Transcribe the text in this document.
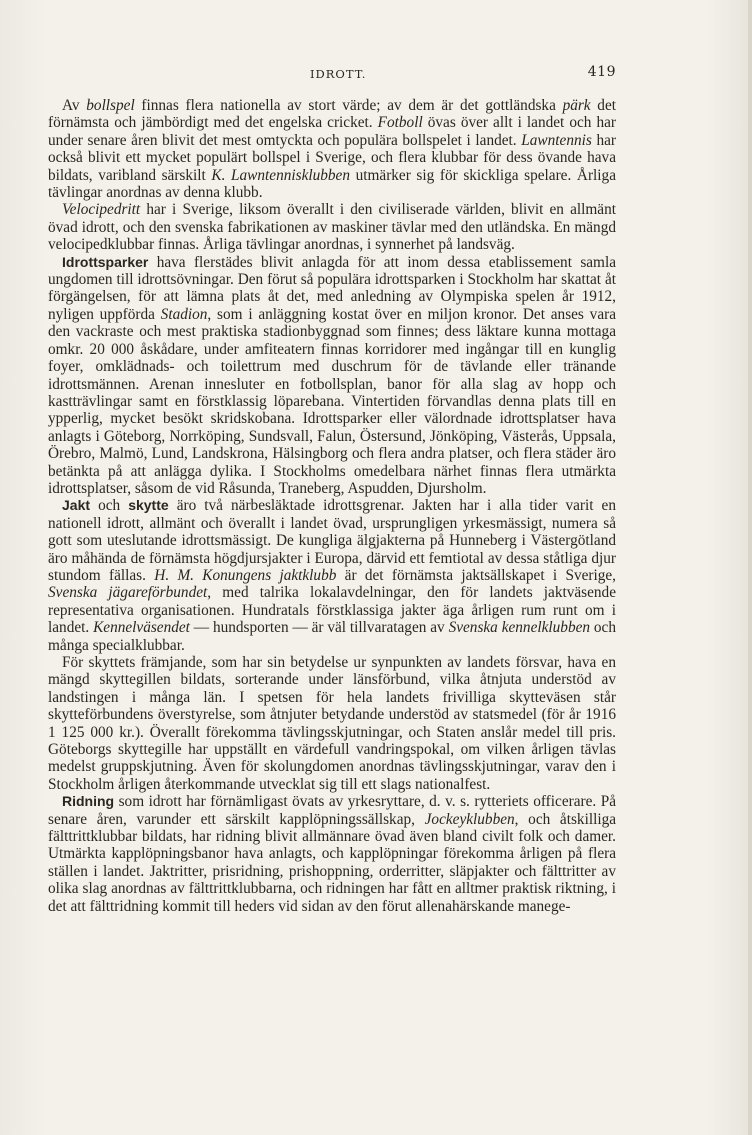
IDROTT.	419

Av bollspel finnas flera nationella av stort värde; av dem är det gottländska pärk det förnämsta och jämbördigt med det engelska cricket. Fotboll övas över allt i landet och har under senare åren blivit det mest omtyckta och populära bollspelet i landet. Lawntennis har också blivit ett mycket populärt bollspel i Sverige, och flera klubbar för dess övande hava bildats, varibland särskilt K. Lawntennisklubben utmärker sig för skickliga spelare. Årliga tävlingar anordnas av denna klubb.

Velocipedritt har i Sverige, liksom överallt i den civiliserade världen, blivit en allmänt övad idrott, och den svenska fabrikationen av maskiner tävlar med den utländska. En mängd velocipedklubbar finnas. Årliga tävlingar anordnas, i synnerhet på landsväg.

Idrottsparker hava flerstädes blivit anlagda för att inom dessa etablissement samla ungdomen till idrottsövningar. Den förut så populära idrottsparken i Stockholm har skattat åt förgängelsen, för att lämna plats åt det, med anledning av Olympiska spelen år 1912, nyligen uppförda Stadion, som i anläggning kostat över en miljon kronor. Det anses vara den vackraste och mest praktiska stadionbyggnad som finnes; dess läktare kunna mottaga omkr. 20 000 åskådare, under amfiteatern finnas korridorer med ingångar till en kunglig foyer, omklädnads- och toilettrum med duschrum för de tävlande eller tränande idrottsmännen. Arenan innesluter en fotbollsplan, banor för alla slag av hopp och kastträvlingar samt en förstklassig löparebana. Vintertiden förvandlas denna plats till en ypperlig, mycket besökt skridskobana. Idrottsparker eller välordnade idrottsplatser hava anlagts i Göteborg, Norrköping, Sundsvall, Falun, Östersund, Jönköping, Västerås, Uppsala, Örebro, Malmö, Lund, Landskrona, Hälsingborg och flera andra platser, och flera städer äro betänkta på att anlägga dylika. I Stockholms omedelbara närhet finnas flera utmärkta idrottsplatser, såsom de vid Råsunda, Traneberg, Aspudden, Djursholm.

Jakt och skytte äro två närbesläktade idrottsgrenar. Jakten har i alla tider varit en nationell idrott, allmänt och överallt i landet övad, ursprungligen yrkesmässigt, numera så gott som uteslutande idrottsmässigt. De kungliga älgjakterna på Hunneberg i Västergötland äro måhända de förnämsta högdjursjakter i Europa, därvid ett femtiotal av dessa ståtliga djur stundom fällas. H. M. Konungens jaktklubb är det förnämsta jaktsällskapet i Sverige, Svenska jägareförbundet, med talrika lokalavdelningar, den för landets jaktväsende representativa organisationen. Hundratals förstklassiga jakter äga årligen rum runt om i landet. Kennelväsendet — hundsporten — är väl tillvaratagen av Svenska kennelklubben och många specialklubbar.

För skyttets främjande, som har sin betydelse ur synpunkten av landets försvar, hava en mängd skyttegillen bildats, sorterande under länsförbund, vilka åtnjuta understöd av landstingen i många län. I spetsen för hela landets frivilliga skytteväsen står skytteförbundens överstyrelse, som åtnjuter betydande understöd av statsmedel (för år 1916 1 125 000 kr.). Överallt förekomma tävlingsskjutningar, och Staten anslår medel till pris. Göteborgs skyttegille har uppställt en värdefull vandringspokal, om vilken årligen tävlas medelst gruppskjutning. Även för skolungdomen anordnas tävlingsskjutningar, varav den i Stockholm årligen återkommande utvecklat sig till ett slags nationalfest.

Ridning som idrott har förnämligast övats av yrkesryttare, d. v. s. rytteriets officerare. På senare åren, varunder ett särskilt kapplöpningssällskap, Jockeyklubben, och åtskilliga fälttrittklubbar bildats, har ridning blivit allmännare övad även bland civilt folk och damer. Utmärkta kapplöpningsbanor hava anlagts, och kapplöpningar förekomma årligen på flera ställen i landet. Jaktritter, prisridning, prishoppning, orderritter, släpjakter och fälttritter av olika slag anordnas av fälttrittklubbarna, och ridningen har fått en alltmer praktisk riktning, i det att fälttridning kommit till heders vid sidan av den förut allenahärskande manege-
